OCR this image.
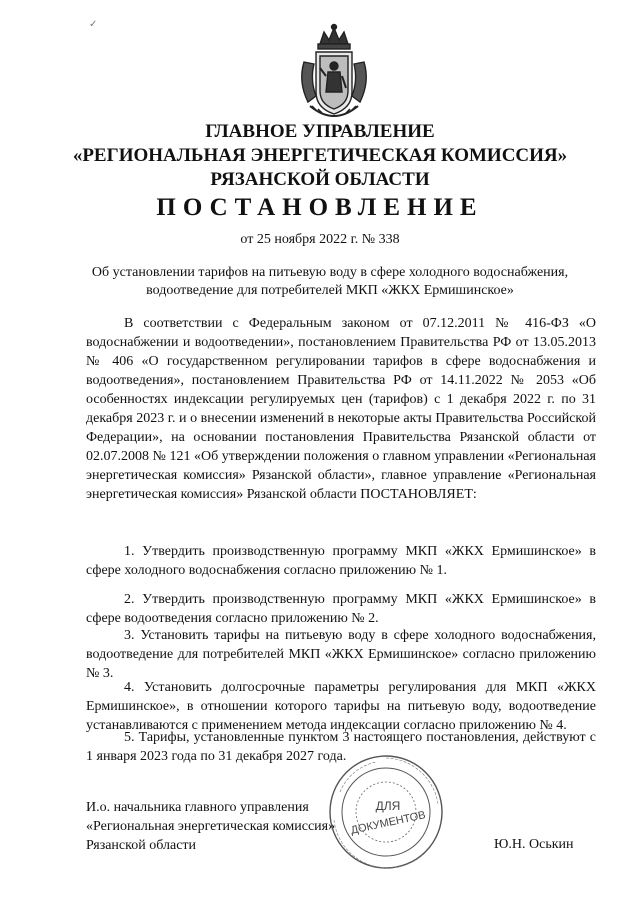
✓
ГЛАВНОЕ УПРАВЛЕНИЕ
«РЕГИОНАЛЬНАЯ ЭНЕРГЕТИЧЕСКАЯ КОМИССИЯ»
РЯЗАНСКОЙ ОБЛАСТИ
ПОСТАНОВЛЕНИЕ
от 25 ноября 2022 г. № 338
Об установлении тарифов на питьевую воду в сфере холодного водоснабжения,
водоотведение для потребителей МКП «ЖКХ Ермишинское»
В соответствии с Федеральным законом от 07.12.2011 № 416-ФЗ «О водоснабжении и водоотведении», постановлением Правительства РФ от 13.05.2013 № 406 «О государственном регулировании тарифов в сфере водоснабжения и водоотведения», постановлением Правительства РФ от 14.11.2022 № 2053 «Об особенностях индексации регулируемых цен (тарифов) с 1 декабря 2022 г. по 31 декабря 2023 г. и о внесении изменений в некоторые акты Правительства Российской Федерации», на основании постановления Правительства Рязанской области от 02.07.2008 № 121 «Об утверждении положения о главном управлении «Региональная энергетическая комиссия» Рязанской области», главное управление «Региональная энергетическая комиссия» Рязанской области ПОСТАНОВЛЯЕТ:
1. Утвердить производственную программу МКП «ЖКХ Ермишинское» в сфере холодного водоснабжения согласно приложению № 1.
2. Утвердить производственную программу МКП «ЖКХ Ермишинское» в сфере водоотведения согласно приложению № 2.
3. Установить тарифы на питьевую воду в сфере холодного водоснабжения, водоотведение для потребителей МКП «ЖКХ Ермишинское» согласно приложению № 3.
4. Установить долгосрочные параметры регулирования для МКП «ЖКХ Ермишинское», в отношении которого тарифы на питьевую воду, водоотведение устанавливаются с применением метода индексации согласно приложению № 4.
5. Тарифы, установленные пунктом 3 настоящего постановления, действуют с 1 января 2023 года по 31 декабря 2027 года.
И.о. начальника главного управления
«Региональная энергетическая комиссия»
Рязанской области	Ю.Н. Оськин
ДЛЯ
ДОКУМЕНТОВ
